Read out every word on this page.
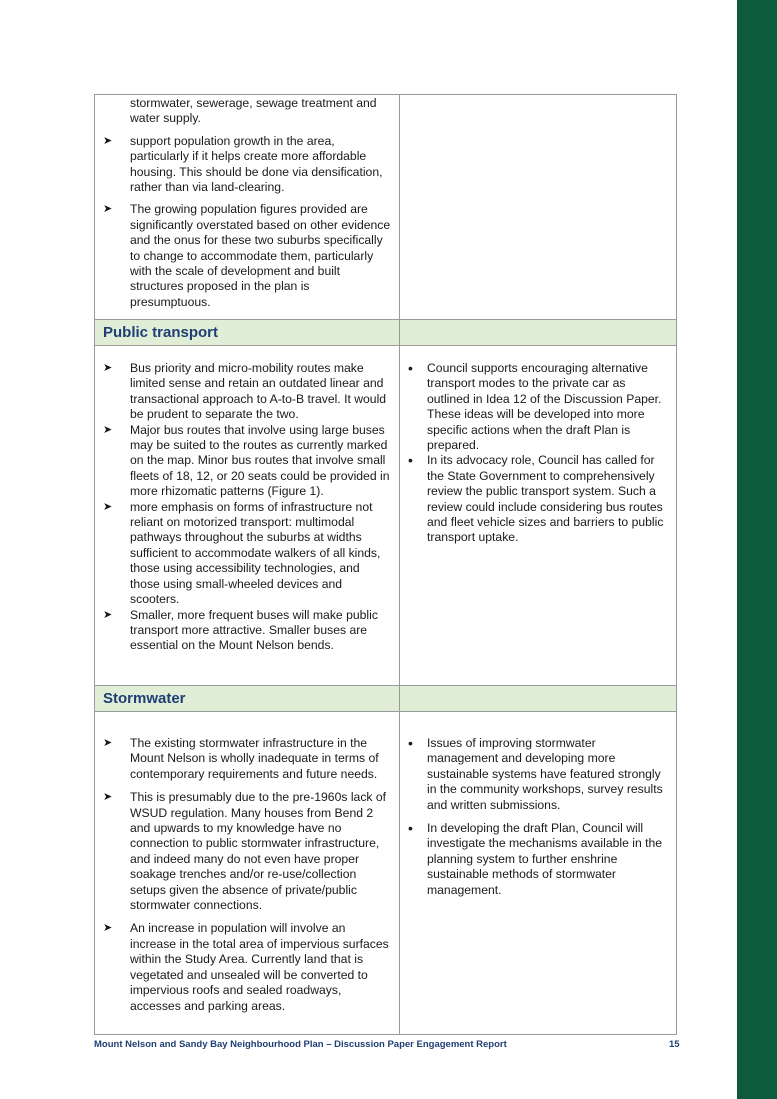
stormwater, sewerage, sewage treatment and water supply.
➤ support population growth in the area, particularly if it helps create more affordable housing. This should be done via densification, rather than via land-clearing.
➤ The growing population figures provided are significantly overstated based on other evidence and the onus for these two suburbs specifically to change to accommodate them, particularly with the scale of development and built structures proposed in the plan is presumptuous.
Public transport
➤ Bus priority and micro-mobility routes make limited sense and retain an outdated linear and transactional approach to A-to-B travel. It would be prudent to separate the two.
➤ Major bus routes that involve using large buses may be suited to the routes as currently marked on the map. Minor bus routes that involve small fleets of 18, 12, or 20 seats could be provided in more rhizomatic patterns (Figure 1).
➤ more emphasis on forms of infrastructure not reliant on motorized transport: multimodal pathways throughout the suburbs at widths sufficient to accommodate walkers of all kinds, those using accessibility technologies, and those using small-wheeled devices and scooters.
➤ Smaller, more frequent buses will make public transport more attractive. Smaller buses are essential on the Mount Nelson bends.
• Council supports encouraging alternative transport modes to the private car as outlined in Idea 12 of the Discussion Paper. These ideas will be developed into more specific actions when the draft Plan is prepared.
• In its advocacy role, Council has called for the State Government to comprehensively review the public transport system. Such a review could include considering bus routes and fleet vehicle sizes and barriers to public transport uptake.
Stormwater
➤ The existing stormwater infrastructure in the Mount Nelson is wholly inadequate in terms of contemporary requirements and future needs.
➤ This is presumably due to the pre-1960s lack of WSUD regulation. Many houses from Bend 2 and upwards to my knowledge have no connection to public stormwater infrastructure, and indeed many do not even have proper soakage trenches and/or re-use/collection setups given the absence of private/public stormwater connections.
➤ An increase in population will involve an increase in the total area of impervious surfaces within the Study Area. Currently land that is vegetated and unsealed will be converted to impervious roofs and sealed roadways, accesses and parking areas.
• Issues of improving stormwater management and developing more sustainable systems have featured strongly in the community workshops, survey results and written submissions.
• In developing the draft Plan, Council will investigate the mechanisms available in the planning system to further enshrine sustainable methods of stormwater management.
Mount Nelson and Sandy Bay Neighbourhood Plan – Discussion Paper Engagement Report	15
